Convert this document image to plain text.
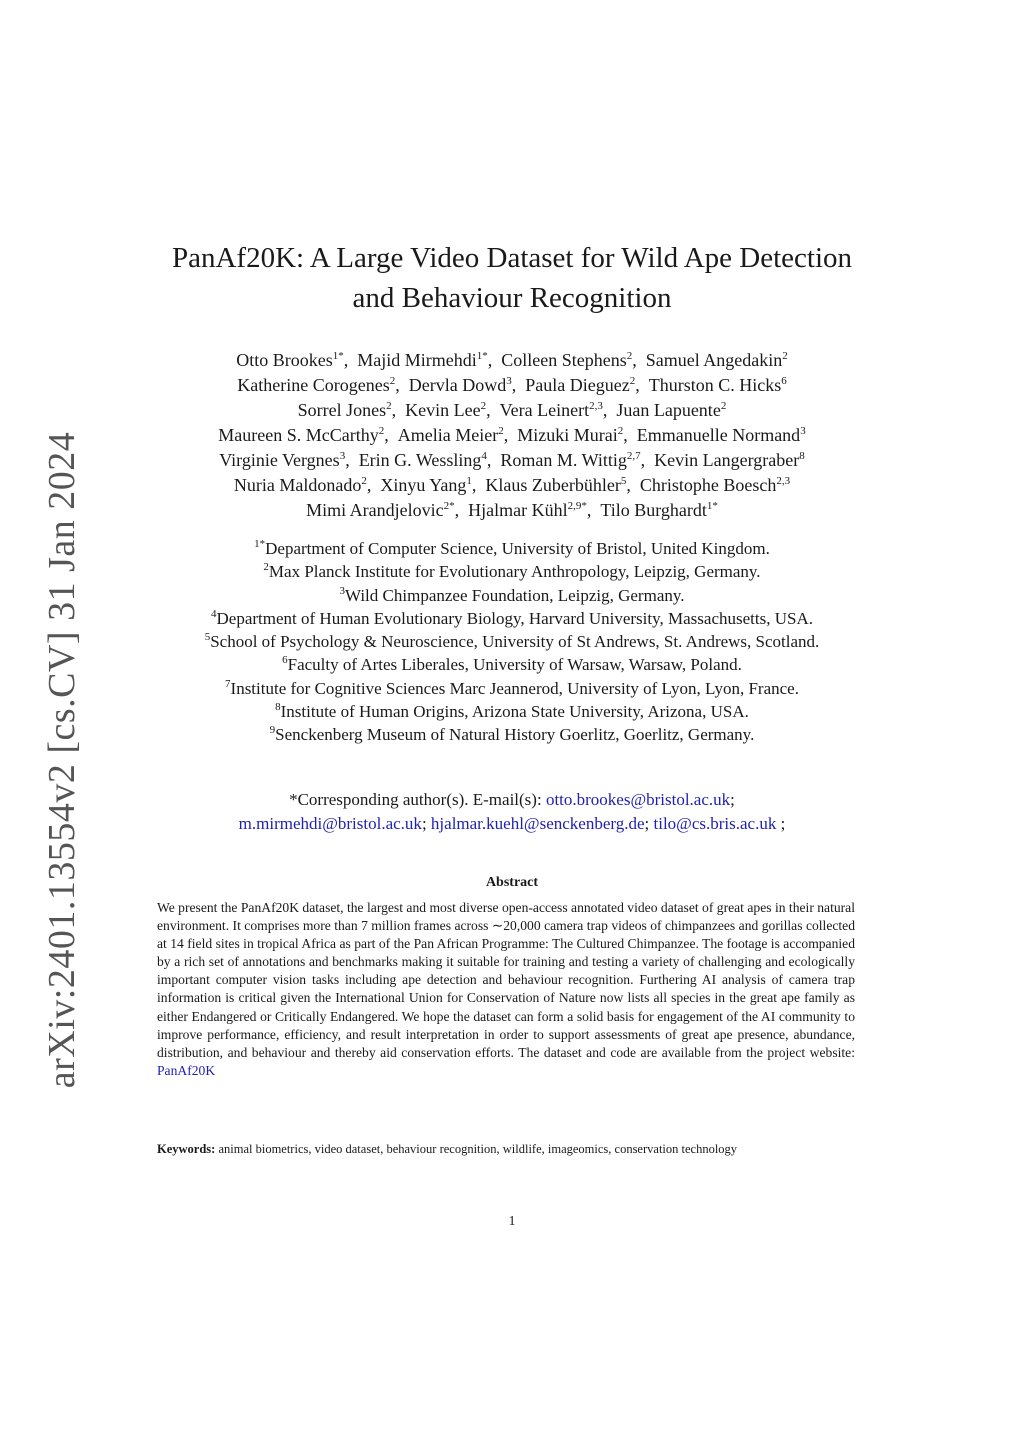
arXiv:2401.13554v2 [cs.CV] 31 Jan 2024
PanAf20K: A Large Video Dataset for Wild Ape Detection
and Behaviour Recognition
Otto Brookes$^{1*}$, Majid Mirmehdi$^{1*}$, Colleen Stephens$^2$, Samuel Angedakin$^2$
Katherine Corogenes$^2$, Dervla Dowd$^3$, Paula Dieguez$^2$, Thurston C. Hicks$^6$
Sorrel Jones$^2$, Kevin Lee$^2$, Vera Leinert$^{2,3}$, Juan Lapuente$^2$
Maureen S. McCarthy$^2$, Amelia Meier$^2$, Mizuki Murai$^2$, Emmanuelle Normand$^3$
Virginie Vergnes$^3$, Erin G. Wessling$^4$, Roman M. Wittig$^{2,7}$, Kevin Langergraber$^8$
Nuria Maldonado$^2$, Xinyu Yang$^1$, Klaus Zuberbühler$^5$, Christophe Boesch$^{2,3}$
Mimi Arandjelovic$^{2*}$, Hjalmar Kühl$^{2,9*}$, Tilo Burghardt$^{1*}$
$^{1*}$Department of Computer Science, University of Bristol, United Kingdom.
$^2$Max Planck Institute for Evolutionary Anthropology, Leipzig, Germany.
$^3$Wild Chimpanzee Foundation, Leipzig, Germany.
$^4$Department of Human Evolutionary Biology, Harvard University, Massachusetts, USA.
$^5$School of Psychology & Neuroscience, University of St Andrews, St. Andrews, Scotland.
$^6$Faculty of Artes Liberales, University of Warsaw, Warsaw, Poland.
$^7$Institute for Cognitive Sciences Marc Jeannerod, University of Lyon, Lyon, France.
$^8$Institute of Human Origins, Arizona State University, Arizona, USA.
$^9$Senckenberg Museum of Natural History Goerlitz, Goerlitz, Germany.
*Corresponding author(s). E-mail(s): otto.brookes@bristol.ac.uk;
m.mirmehdi@bristol.ac.uk; hjalmar.kuehl@senckenberg.de; tilo@cs.bris.ac.uk ;
Abstract
We present the PanAf20K dataset, the largest and most diverse open-access annotated video dataset of great apes in their natural environment. It comprises more than 7 million frames across ∼20,000 camera trap videos of chimpanzees and gorillas collected at 14 field sites in tropical Africa as part of the Pan African Programme: The Cultured Chimpanzee. The footage is accompanied by a rich set of annotations and benchmarks making it suitable for training and testing a variety of challenging and ecologically important computer vision tasks including ape detection and behaviour recognition. Furthering AI analysis of camera trap information is critical given the International Union for Conservation of Nature now lists all species in the great ape family as either Endangered or Critically Endangered. We hope the dataset can form a solid basis for engagement of the AI community to improve performance, efficiency, and result interpretation in order to support assessments of great ape presence, abundance, distribution, and behaviour and thereby aid conservation efforts. The dataset and code are available from the project website: PanAf20K
Keywords: animal biometrics, video dataset, behaviour recognition, wildlife, imageomics, conservation technology
1
